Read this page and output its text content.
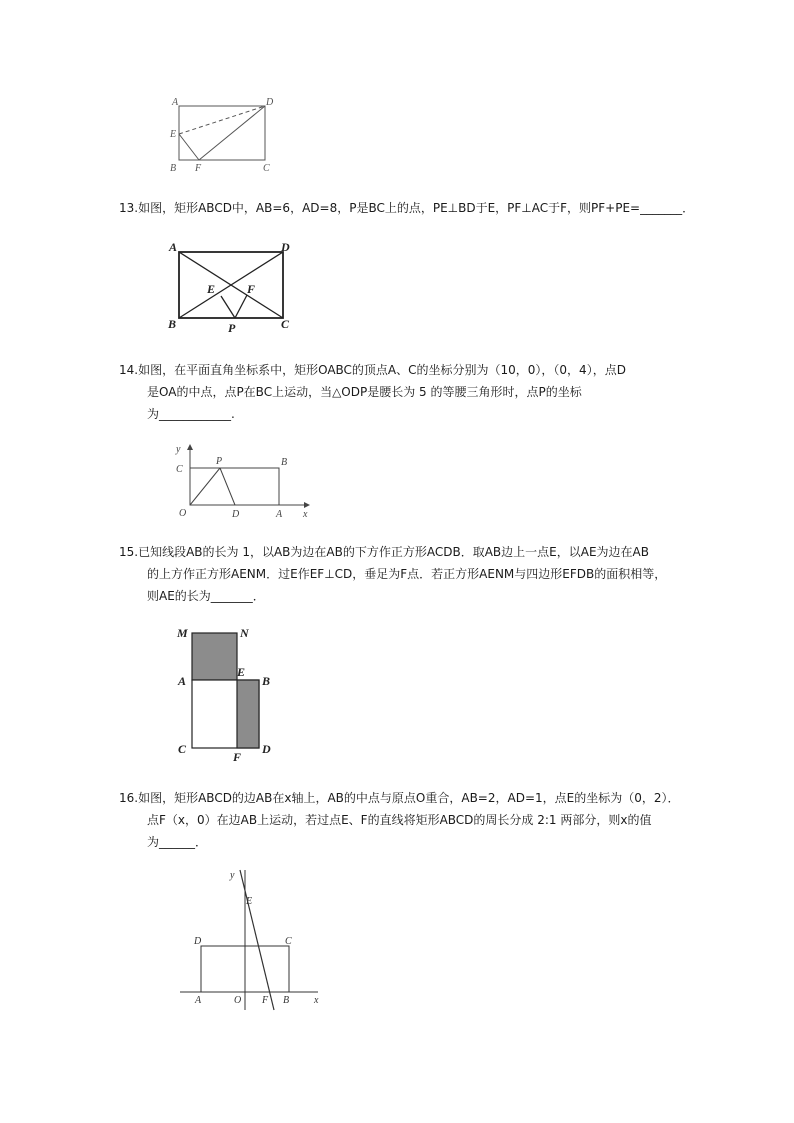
A	D
E
B F	C
13.如图，矩形ABCD中，AB=6，AD=8，P是BC上的点，PE⊥BD于E，PF⊥AC于F，则PF+PE=_______．
A	D
E	F
B	P	C
14.如图，在平面直角坐标系中，矩形OABC的顶点A、C的坐标分别为（10，0），（0，4），点D
是OA的中点，点P在BC上运动，当△ODP是腰长为 5 的等腰三角形时，点P的坐标
为____________.
y
C
P	B
O	D	A x
15.已知线段AB的长为 1，以AB为边在AB的下方作正方形ACDB．取AB边上一点E，以AE为边在AB
的上方作正方形AENM．过E作EF⊥CD，垂足为F点．若正方形AENM与四边形EFDB的面积相等，
则AE的长为_______．
M	N
E
A	B
C
F
D
16.如图，矩形ABCD的边AB在x轴上，AB的中点与原点O重合，AB=2，AD=1，点E的坐标为（0，2）．
点F（x，0）在边AB上运动，若过点E、F的直线将矩形ABCD的周长分成 2:1 两部分，则x的值
为______．
y
E
D	C
A	O F B x
